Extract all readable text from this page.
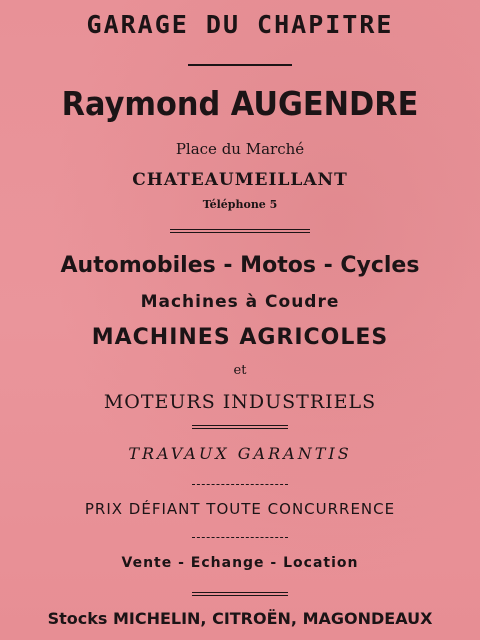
GARAGE DU CHAPITRE
Raymond AUGENDRE
Place du Marché
CHATEAUMEILLANT
Téléphone 5
Automobiles - Motos - Cycles
Machines à Coudre
MACHINES AGRICOLES
et
MOTEURS INDUSTRIELS
TRAVAUX GARANTIS
PRIX DÉFIANT TOUTE CONCURRENCE
Vente - Echange - Location
Stocks MICHELIN, CITROËN, MAGONDEAUX
